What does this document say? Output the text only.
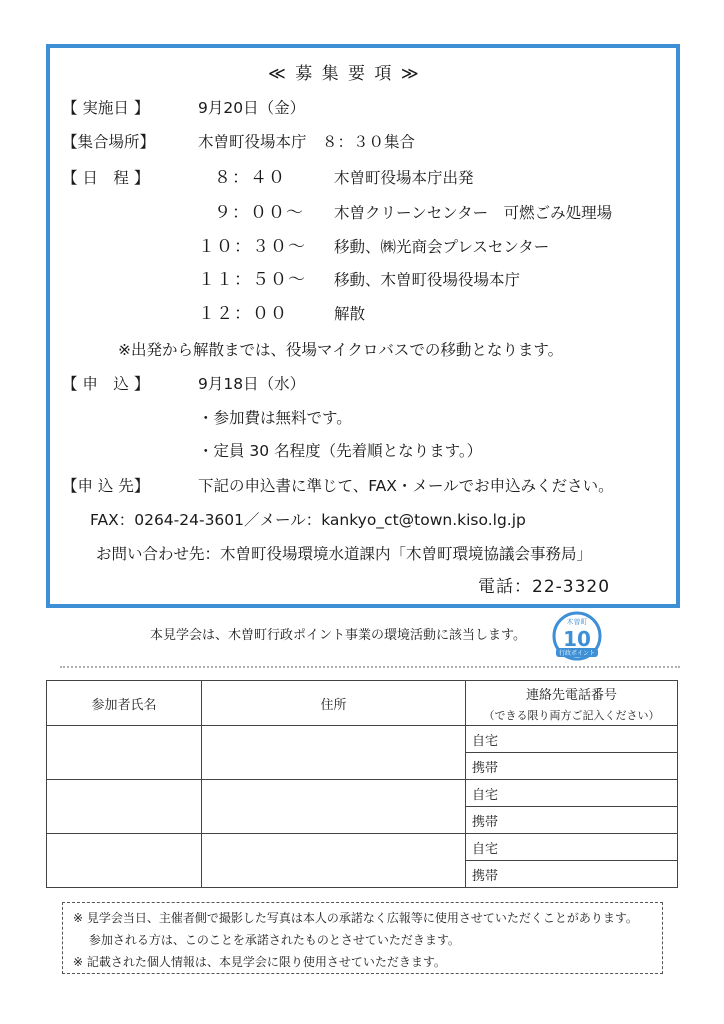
≪ 募 集 要 項 ≫
【 実施日 】	9月20日（金）
【集合場所】	木曽町役場本庁　８：３０集合
【 日　程 】	８：４０	木曽町役場本庁出発
９：００～ 木曽クリーンセンター　可燃ごみ処理場
１０：３０～ 移動、㈱光商会プレスセンター
１１：５０～ 移動、木曽町役場役場本庁
１２：００	解散
※出発から解散までは、役場マイクロバスでの移動となります。
【 申　込 】	9月18日（水）
・参加費は無料です。
・定員 30 名程度（先着順となります。）
【申 込 先】	下記の申込書に準じて、FAX・メールでお申込みください。
FAX：0264-24-3601／メール：kankyo_ct@town.kiso.lg.jp
お問い合わせ先：木曽町役場環境水道課内「木曽町環境協議会事務局」
電話：22-3320
本見学会は、木曽町行政ポイント事業の環境活動に該当します。
木曽町
10
行政ポイント
参加者氏名	住所	連絡先電話番号
（できる限り両方ご記入ください）

		自宅
		携帯
		自宅
		携帯
		自宅
		携帯
※ 見学会当日、主催者側で撮影した写真は本人の承諾なく広報等に使用させていただくことがあります。
　 参加される方は、このことを承諾されたものとさせていただきます。
※ 記載された個人情報は、本見学会に限り使用させていただきます。
